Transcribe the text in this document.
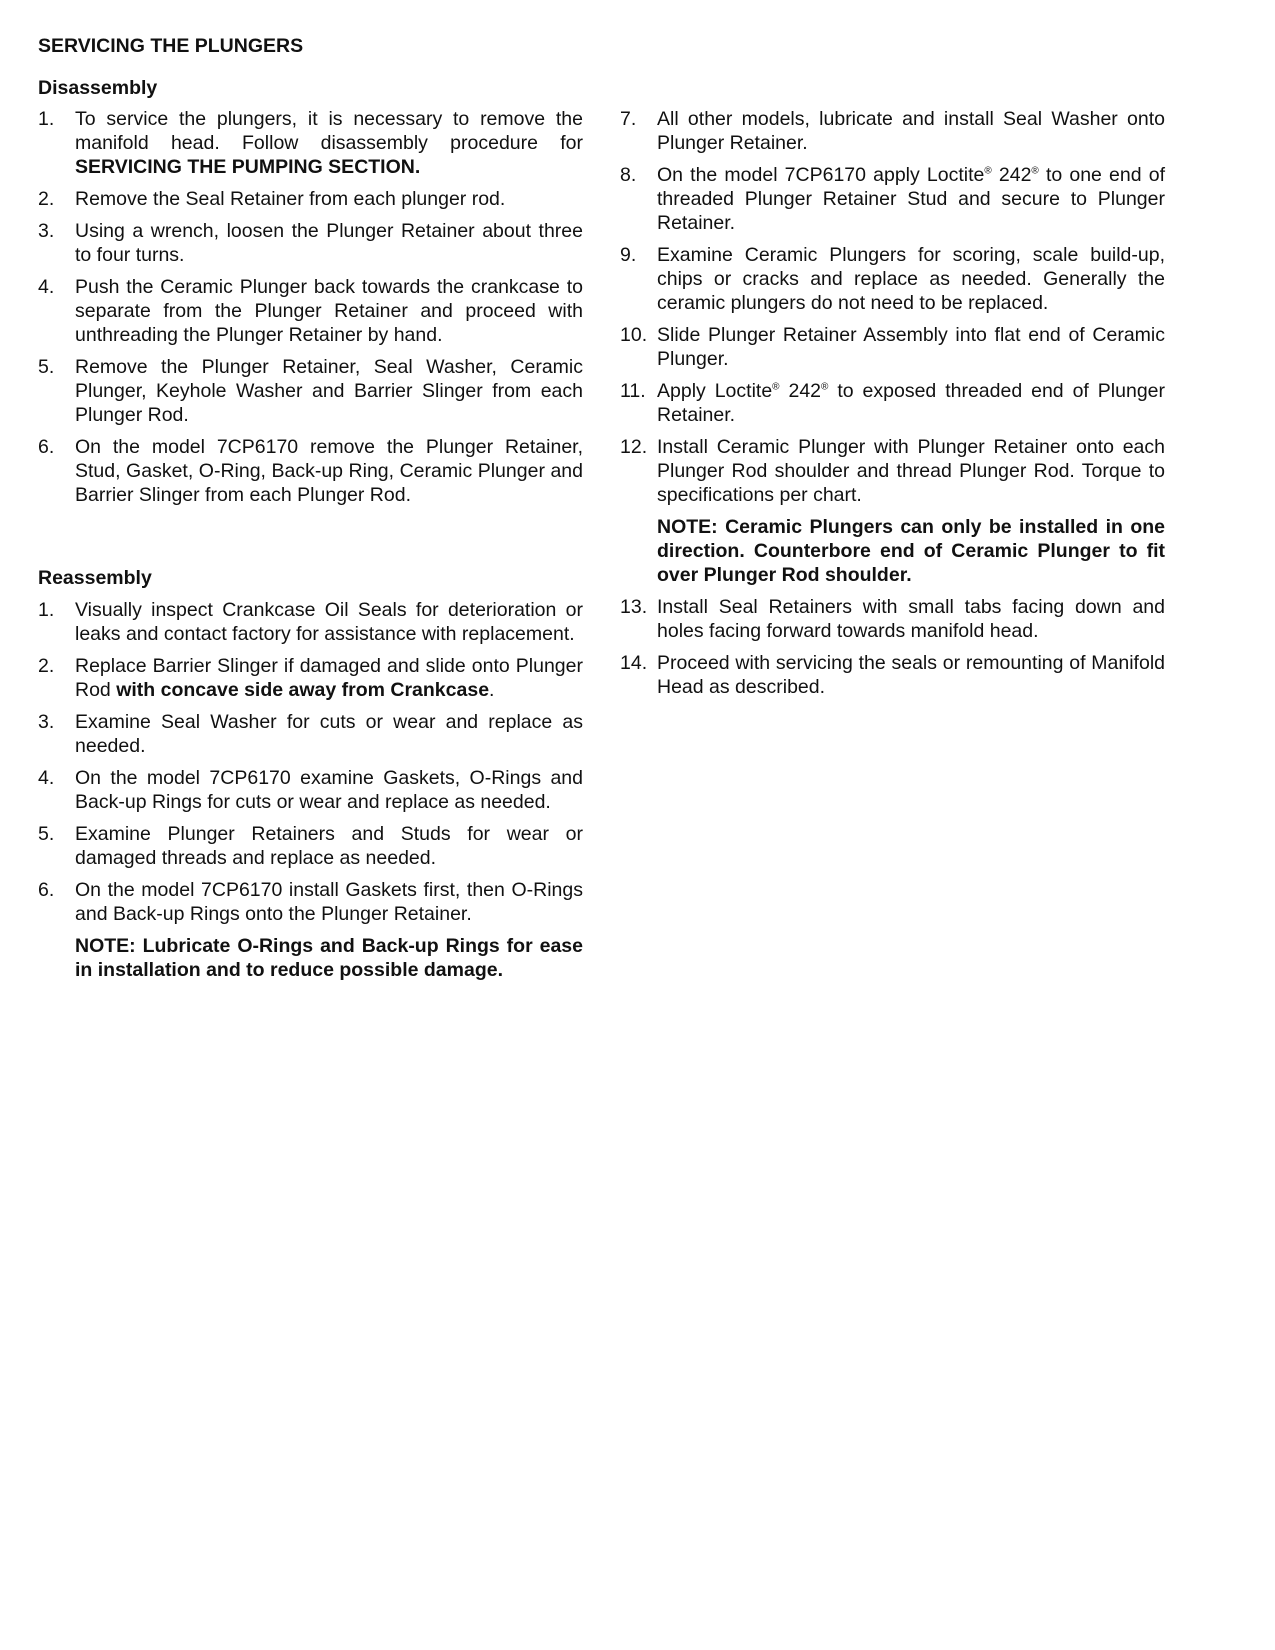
SERVICING THE PLUNGERS
Disassembly
1. To service the plungers, it is necessary to remove the manifold head. Follow disassembly procedure for SERVICING THE PUMPING SECTION.
2. Remove the Seal Retainer from each plunger rod.
3. Using a wrench, loosen the Plunger Retainer about three to four turns.
4. Push the Ceramic Plunger back towards the crankcase to separate from the Plunger Retainer and proceed with unthreading the Plunger Retainer by hand.
5. Remove the Plunger Retainer, Seal Washer, Ceramic Plunger, Keyhole Washer and Barrier Slinger from each Plunger Rod.
6. On the model 7CP6170 remove the Plunger Retainer, Stud, Gasket, O-Ring, Back-up Ring, Ceramic Plunger and Barrier Slinger from each Plunger Rod.
Reassembly
1. Visually inspect Crankcase Oil Seals for deterioration or leaks and contact factory for assistance with replacement.
2. Replace Barrier Slinger if damaged and slide onto Plunger Rod with concave side away from Crankcase.
3. Examine Seal Washer for cuts or wear and replace as needed.
4. On the model 7CP6170 examine Gaskets, O-Rings and Back-up Rings for cuts or wear and replace as needed.
5. Examine Plunger Retainers and Studs for wear or damaged threads and replace as needed.
6. On the model 7CP6170 install Gaskets first, then O-Rings and Back-up Rings onto the Plunger Retainer.

NOTE: Lubricate O-Rings and Back-up Rings for ease in installation and to reduce possible damage.

7. All other models, lubricate and install Seal Washer onto Plunger Retainer.
8. On the model 7CP6170 apply Loctite® 242® to one end of threaded Plunger Retainer Stud and secure to Plunger Retainer.
9. Examine Ceramic Plungers for scoring, scale build-up, chips or cracks and replace as needed. Generally the ceramic plungers do not need to be replaced.
10. Slide Plunger Retainer Assembly into flat end of Ceramic Plunger.
11. Apply Loctite® 242® to exposed threaded end of Plunger Retainer.
12. Install Ceramic Plunger with Plunger Retainer onto each Plunger Rod shoulder and thread Plunger Rod. Torque to specifications per chart.

NOTE: Ceramic Plungers can only be installed in one direction. Counterbore end of Ceramic Plunger to fit over Plunger Rod shoulder.

13. Install Seal Retainers with small tabs facing down and holes facing forward towards manifold head.
14. Proceed with servicing the seals or remounting of Manifold Head as described.
